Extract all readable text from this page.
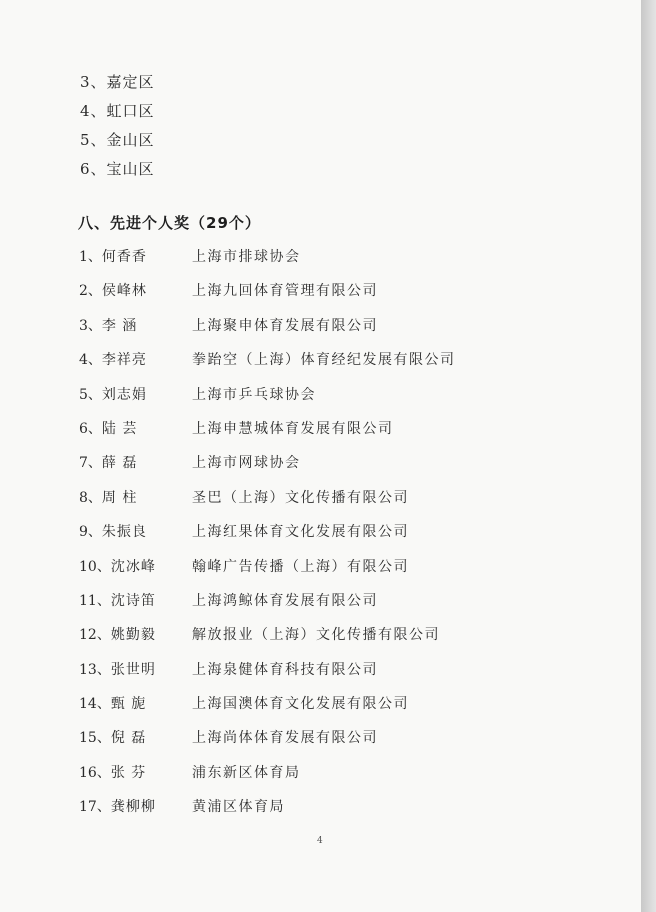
3、嘉定区
4、虹口区
5、金山区
6、宝山区
八、先进个人奖（29个）
1、何香香	上海市排球协会
2、侯峰林	上海九回体育管理有限公司
3、李 涵	上海聚申体育发展有限公司
4、李祥亮	拳跆空（上海）体育经纪发展有限公司
5、刘志娟	上海市乒乓球协会
6、陆 芸	上海申慧城体育发展有限公司
7、薛 磊	上海市网球协会
8、周 柱	圣巴（上海）文化传播有限公司
9、朱振良	上海红果体育文化发展有限公司
10、沈冰峰	翰峰广告传播（上海）有限公司
11、沈诗笛	上海鸿鲸体育发展有限公司
12、姚勤毅	解放报业（上海）文化传播有限公司
13、张世明	上海泉健体育科技有限公司
14、甄 旎	上海国澳体育文化发展有限公司
15、倪 磊	上海尚体体育发展有限公司
16、张 芬	浦东新区体育局
17、龚柳柳	黄浦区体育局
4
